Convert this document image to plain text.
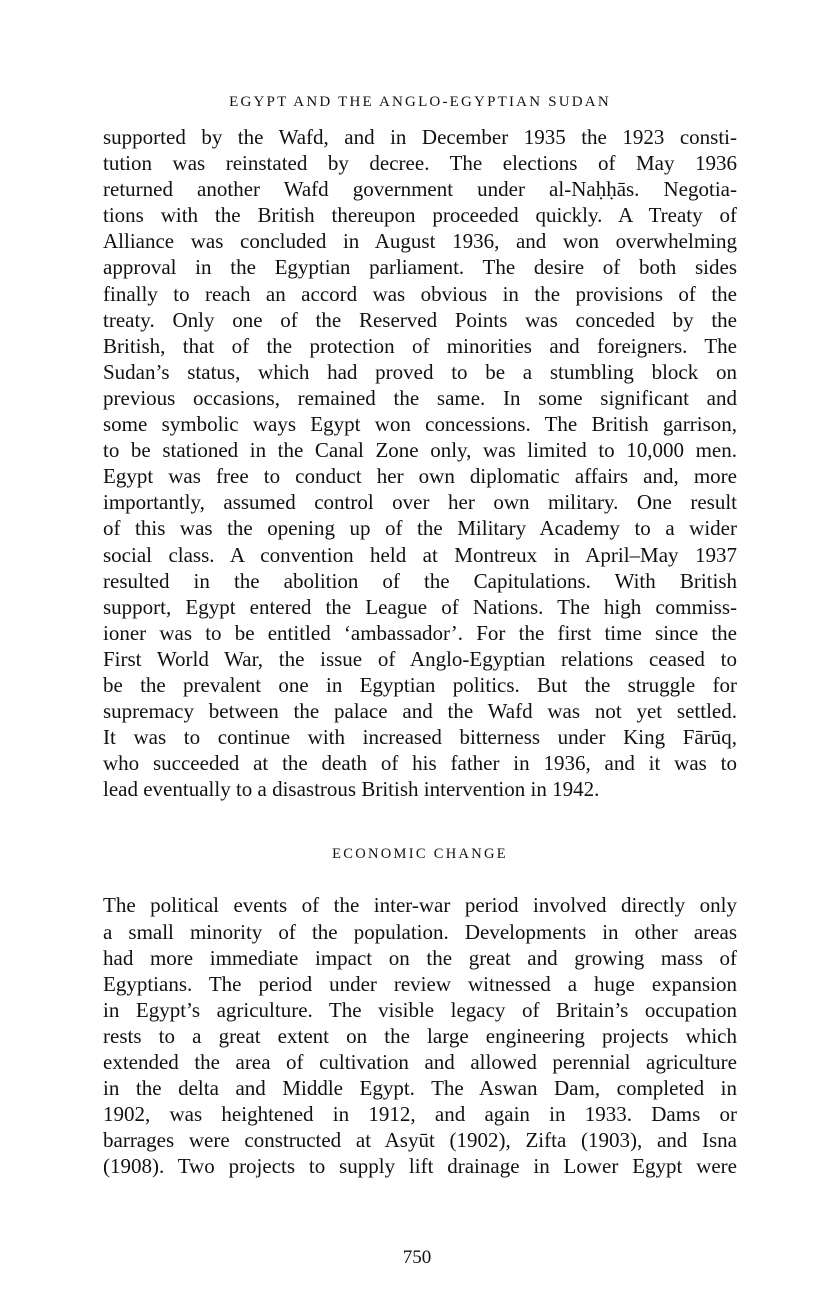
EGYPT AND THE ANGLO-EGYPTIAN SUDAN
supported by the Wafd, and in December 1935 the 1923 consti-
tution was reinstated by decree. The elections of May 1936
returned another Wafd government under al-Naḥḥās. Negotia-
tions with the British thereupon proceeded quickly. A Treaty of
Alliance was concluded in August 1936, and won overwhelming
approval in the Egyptian parliament. The desire of both sides
finally to reach an accord was obvious in the provisions of the
treaty. Only one of the Reserved Points was conceded by the
British, that of the protection of minorities and foreigners. The
Sudan’s status, which had proved to be a stumbling block on
previous occasions, remained the same. In some significant and
some symbolic ways Egypt won concessions. The British garrison,
to be stationed in the Canal Zone only, was limited to 10,000 men.
Egypt was free to conduct her own diplomatic affairs and, more
importantly, assumed control over her own military. One result
of this was the opening up of the Military Academy to a wider
social class. A convention held at Montreux in April–May 1937
resulted in the abolition of the Capitulations. With British
support, Egypt entered the League of Nations. The high commiss-
ioner was to be entitled ‘ambassador’. For the first time since the
First World War, the issue of Anglo-Egyptian relations ceased to
be the prevalent one in Egyptian politics. But the struggle for
supremacy between the palace and the Wafd was not yet settled.
It was to continue with increased bitterness under King Fārūq,
who succeeded at the death of his father in 1936, and it was to
lead eventually to a disastrous British intervention in 1942.
ECONOMIC CHANGE
The political events of the inter-war period involved directly only
a small minority of the population. Developments in other areas
had more immediate impact on the great and growing mass of
Egyptians. The period under review witnessed a huge expansion
in Egypt’s agriculture. The visible legacy of Britain’s occupation
rests to a great extent on the large engineering projects which
extended the area of cultivation and allowed perennial agriculture
in the delta and Middle Egypt. The Aswan Dam, completed in
1902, was heightened in 1912, and again in 1933. Dams or
barrages were constructed at Asyūt (1902), Zifta (1903), and Isna
(1908). Two projects to supply lift drainage in Lower Egypt were
750
